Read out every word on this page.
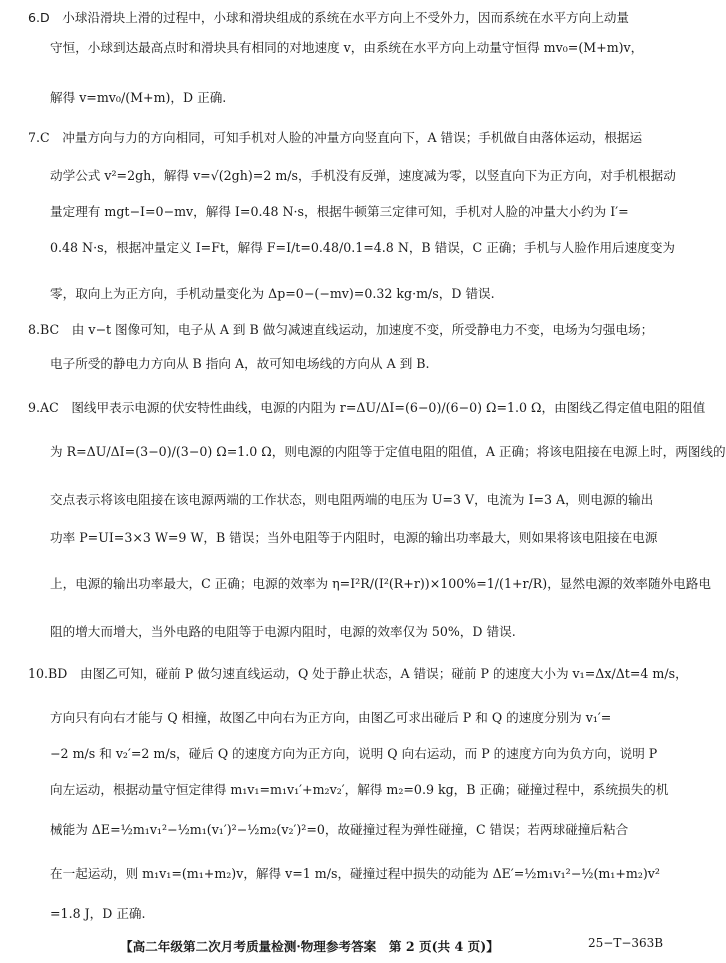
6.D　小球沿滑块上滑的过程中，小球和滑块组成的系统在水平方向上不受外力，因而系统在水平方向上动量
守恒，小球到达最高点时和滑块具有相同的对地速度 v，由系统在水平方向上动量守恒得 mv₀=(M+m)v，
解得 v=mv₀/(M+m)，D 正确.
7.C　冲量方向与力的方向相同，可知手机对人脸的冲量方向竖直向下，A 错误；手机做自由落体运动，根据运
动学公式 v²=2gh，解得 v=√(2gh)=2 m/s，手机没有反弹，速度减为零，以竖直向下为正方向，对手机根据动
量定理有 mgt−I=0−mv，解得 I=0.48 N·s，根据牛顿第三定律可知，手机对人脸的冲量大小约为 I′=
0.48 N·s，根据冲量定义 I=Ft，解得 F=I/t=0.48/0.1=4.8 N，B 错误，C 正确；手机与人脸作用后速度变为
零，取向上为正方向，手机动量变化为 Δp=0−(−mv)=0.32 kg·m/s，D 错误.
8.BC　由 v−t 图像可知，电子从 A 到 B 做匀减速直线运动，加速度不变，所受静电力不变，电场为匀强电场；
电子所受的静电力方向从 B 指向 A，故可知电场线的方向从 A 到 B.
9.AC　图线甲表示电源的伏安特性曲线，电源的内阻为 r=ΔU/ΔI=(6−0)/(6−0) Ω=1.0 Ω，由图线乙得定值电阻的阻值
为 R=ΔU/ΔI=(3−0)/(3−0) Ω=1.0 Ω，则电源的内阻等于定值电阻的阻值，A 正确；将该电阻接在电源上时，两图线的
交点表示将该电阻接在该电源两端的工作状态，则电阻两端的电压为 U=3 V，电流为 I=3 A，则电源的输出
功率 P=UI=3×3 W=9 W，B 错误；当外电阻等于内阻时，电源的输出功率最大，则如果将该电阻接在电源
上，电源的输出功率最大，C 正确；电源的效率为 η=I²R/(I²(R+r))×100%=1/(1+r/R)，显然电源的效率随外电路电
阻的增大而增大，当外电路的电阻等于电源内阻时，电源的效率仅为 50%，D 错误.
10.BD　由图乙可知，碰前 P 做匀速直线运动，Q 处于静止状态，A 错误；碰前 P 的速度大小为 v₁=Δx/Δt=4 m/s，
方向只有向右才能与 Q 相撞，故图乙中向右为正方向，由图乙可求出碰后 P 和 Q 的速度分别为 v₁′=
−2 m/s 和 v₂′=2 m/s，碰后 Q 的速度方向为正方向，说明 Q 向右运动，而 P 的速度方向为负方向，说明 P
向左运动，根据动量守恒定律得 m₁v₁=m₁v₁′+m₂v₂′，解得 m₂=0.9 kg，B 正确；碰撞过程中，系统损失的机
械能为 ΔE=½m₁v₁²−½m₁(v₁′)²−½m₂(v₂′)²=0，故碰撞过程为弹性碰撞，C 错误；若两球碰撞后粘合
在一起运动，则 m₁v₁=(m₁+m₂)v，解得 v=1 m/s，碰撞过程中损失的动能为 ΔE′=½m₁v₁²−½(m₁+m₂)v²
=1.8 J，D 正确.
【高二年级第二次月考质量检测·物理参考答案　第 2 页(共 4 页)】	25−T−363B
